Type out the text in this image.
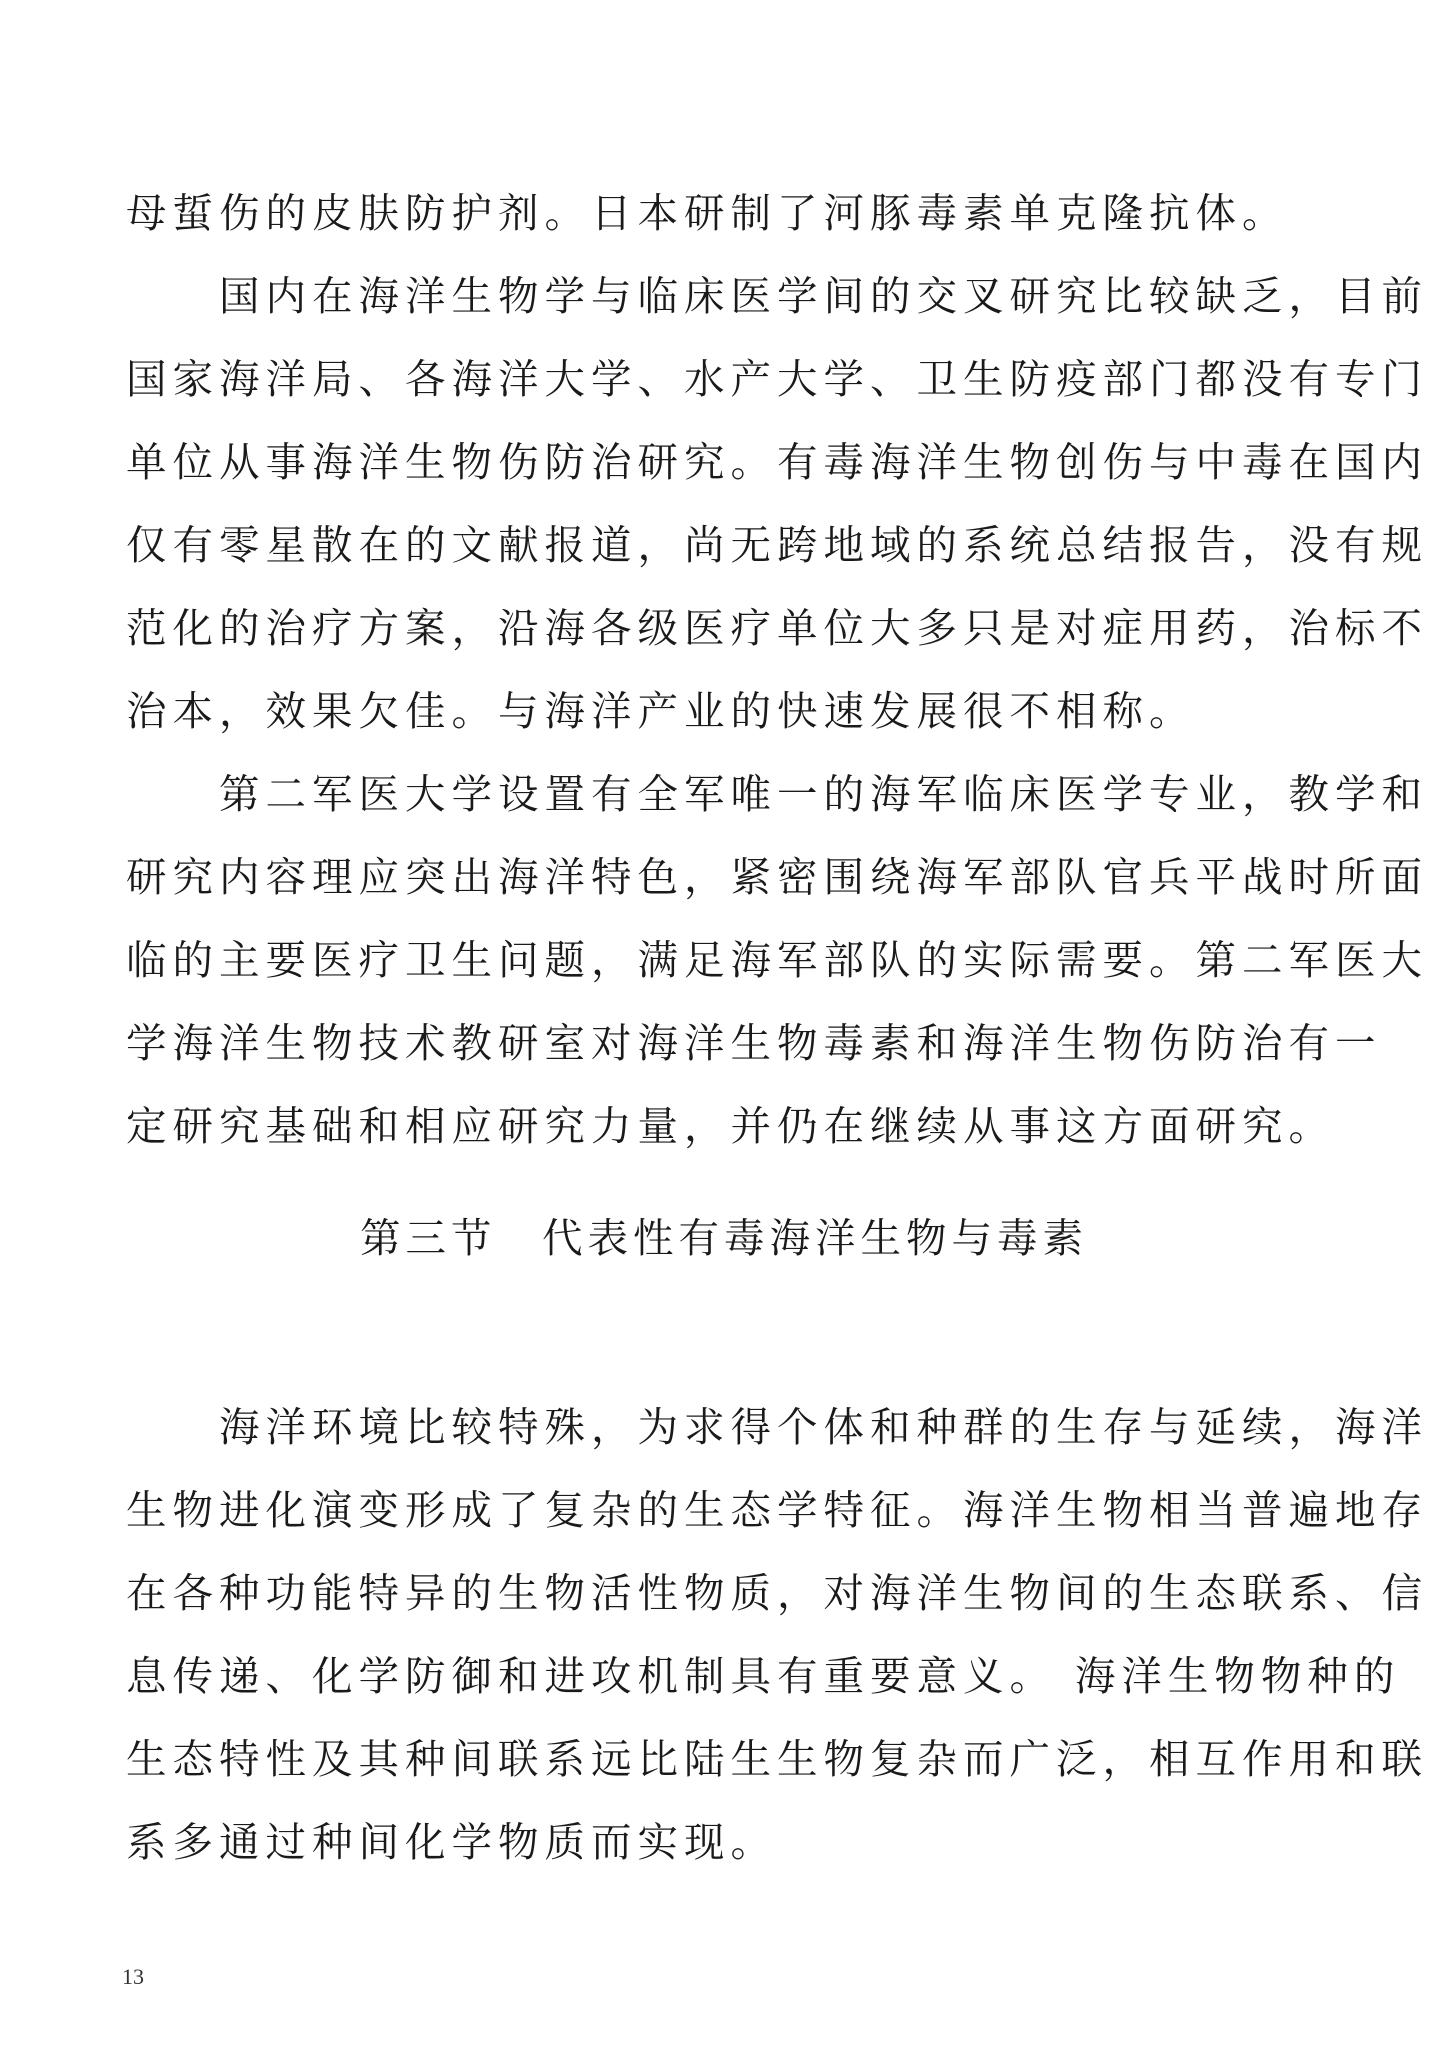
母蜇伤的皮肤防护剂。日本研制了河豚毒素单克隆抗体。
　　国内在海洋生物学与临床医学间的交叉研究比较缺乏，目前
国家海洋局、各海洋大学、水产大学、卫生防疫部门都没有专门
单位从事海洋生物伤防治研究。有毒海洋生物创伤与中毒在国内
仅有零星散在的文献报道，尚无跨地域的系统总结报告，没有规
范化的治疗方案，沿海各级医疗单位大多只是对症用药，治标不
治本，效果欠佳。与海洋产业的快速发展很不相称。
　　第二军医大学设置有全军唯一的海军临床医学专业，教学和
研究内容理应突出海洋特色，紧密围绕海军部队官兵平战时所面
临的主要医疗卫生问题，满足海军部队的实际需要。第二军医大
学海洋生物技术教研室对海洋生物毒素和海洋生物伤防治有一
定研究基础和相应研究力量，并仍在继续从事这方面研究。
第三节　代表性有毒海洋生物与毒素
　　海洋环境比较特殊，为求得个体和种群的生存与延续，海洋
生物进化演变形成了复杂的生态学特征。海洋生物相当普遍地存
在各种功能特异的生物活性物质，对海洋生物间的生态联系、信
息传递、化学防御和进攻机制具有重要意义。 海洋生物物种的
生态特性及其种间联系远比陆生生物复杂而广泛，相互作用和联
系多通过种间化学物质而实现。
13
